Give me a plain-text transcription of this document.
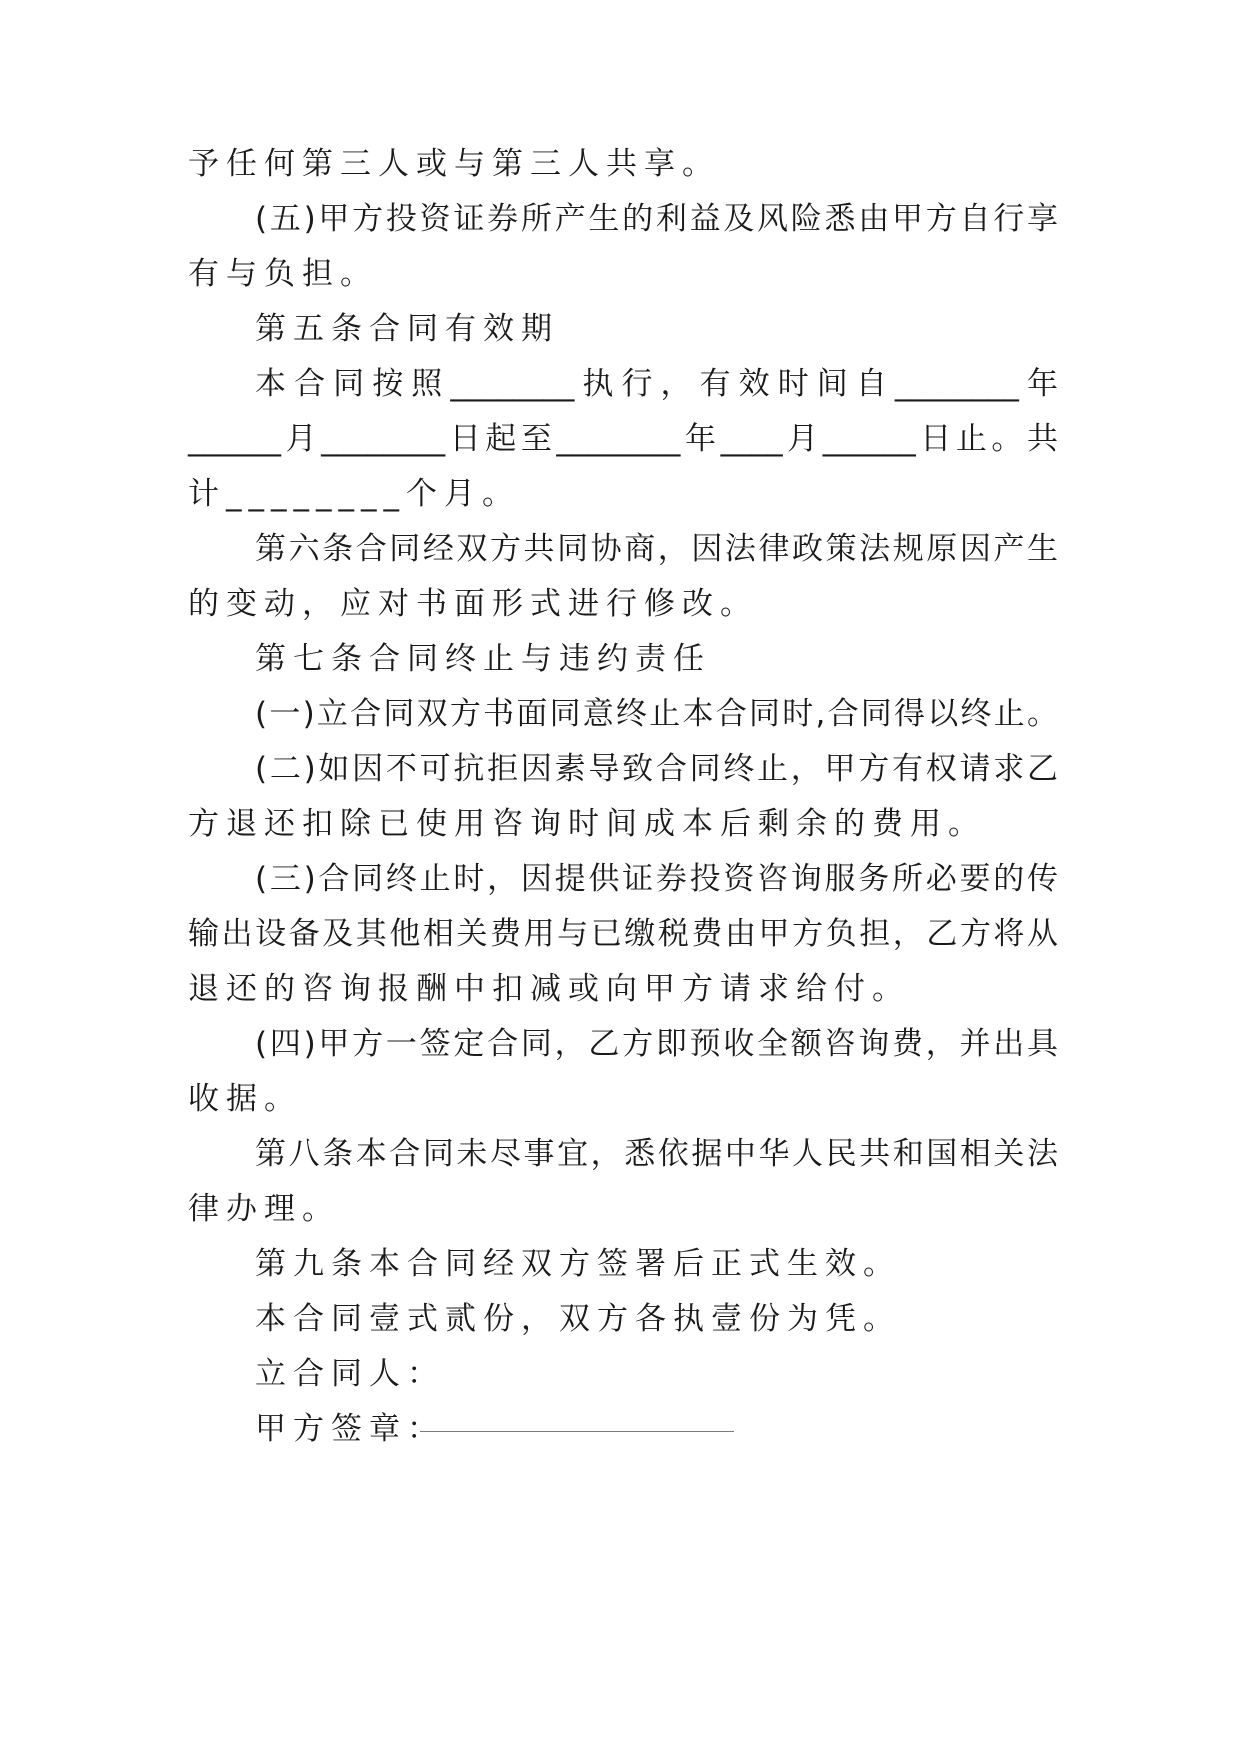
予任何第三人或与第三人共享。
(五)甲方投资证券所产生的利益及风险悉由甲方自行享
有与负担。
第五条合同有效期
本合同按照________执行，有效时间自________年
______月________日起至________年____月______日止。共
计________个月。
第六条合同经双方共同协商，因法律政策法规原因产生
的变动，应对书面形式进行修改。
第七条合同终止与违约责任
(一)立合同双方书面同意终止本合同时,合同得以终止。
(二)如因不可抗拒因素导致合同终止，甲方有权请求乙
方退还扣除已使用咨询时间成本后剩余的费用。
(三)合同终止时，因提供证券投资咨询服务所必要的传
输出设备及其他相关费用与已缴税费由甲方负担，乙方将从
退还的咨询报酬中扣减或向甲方请求给付。
(四)甲方一签定合同，乙方即预收全额咨询费，并出具
收据。
第八条本合同未尽事宜，悉依据中华人民共和国相关法
律办理。
第九条本合同经双方签署后正式生效。
本合同壹式贰份，双方各执壹份为凭。
立合同人：
甲方签章：
